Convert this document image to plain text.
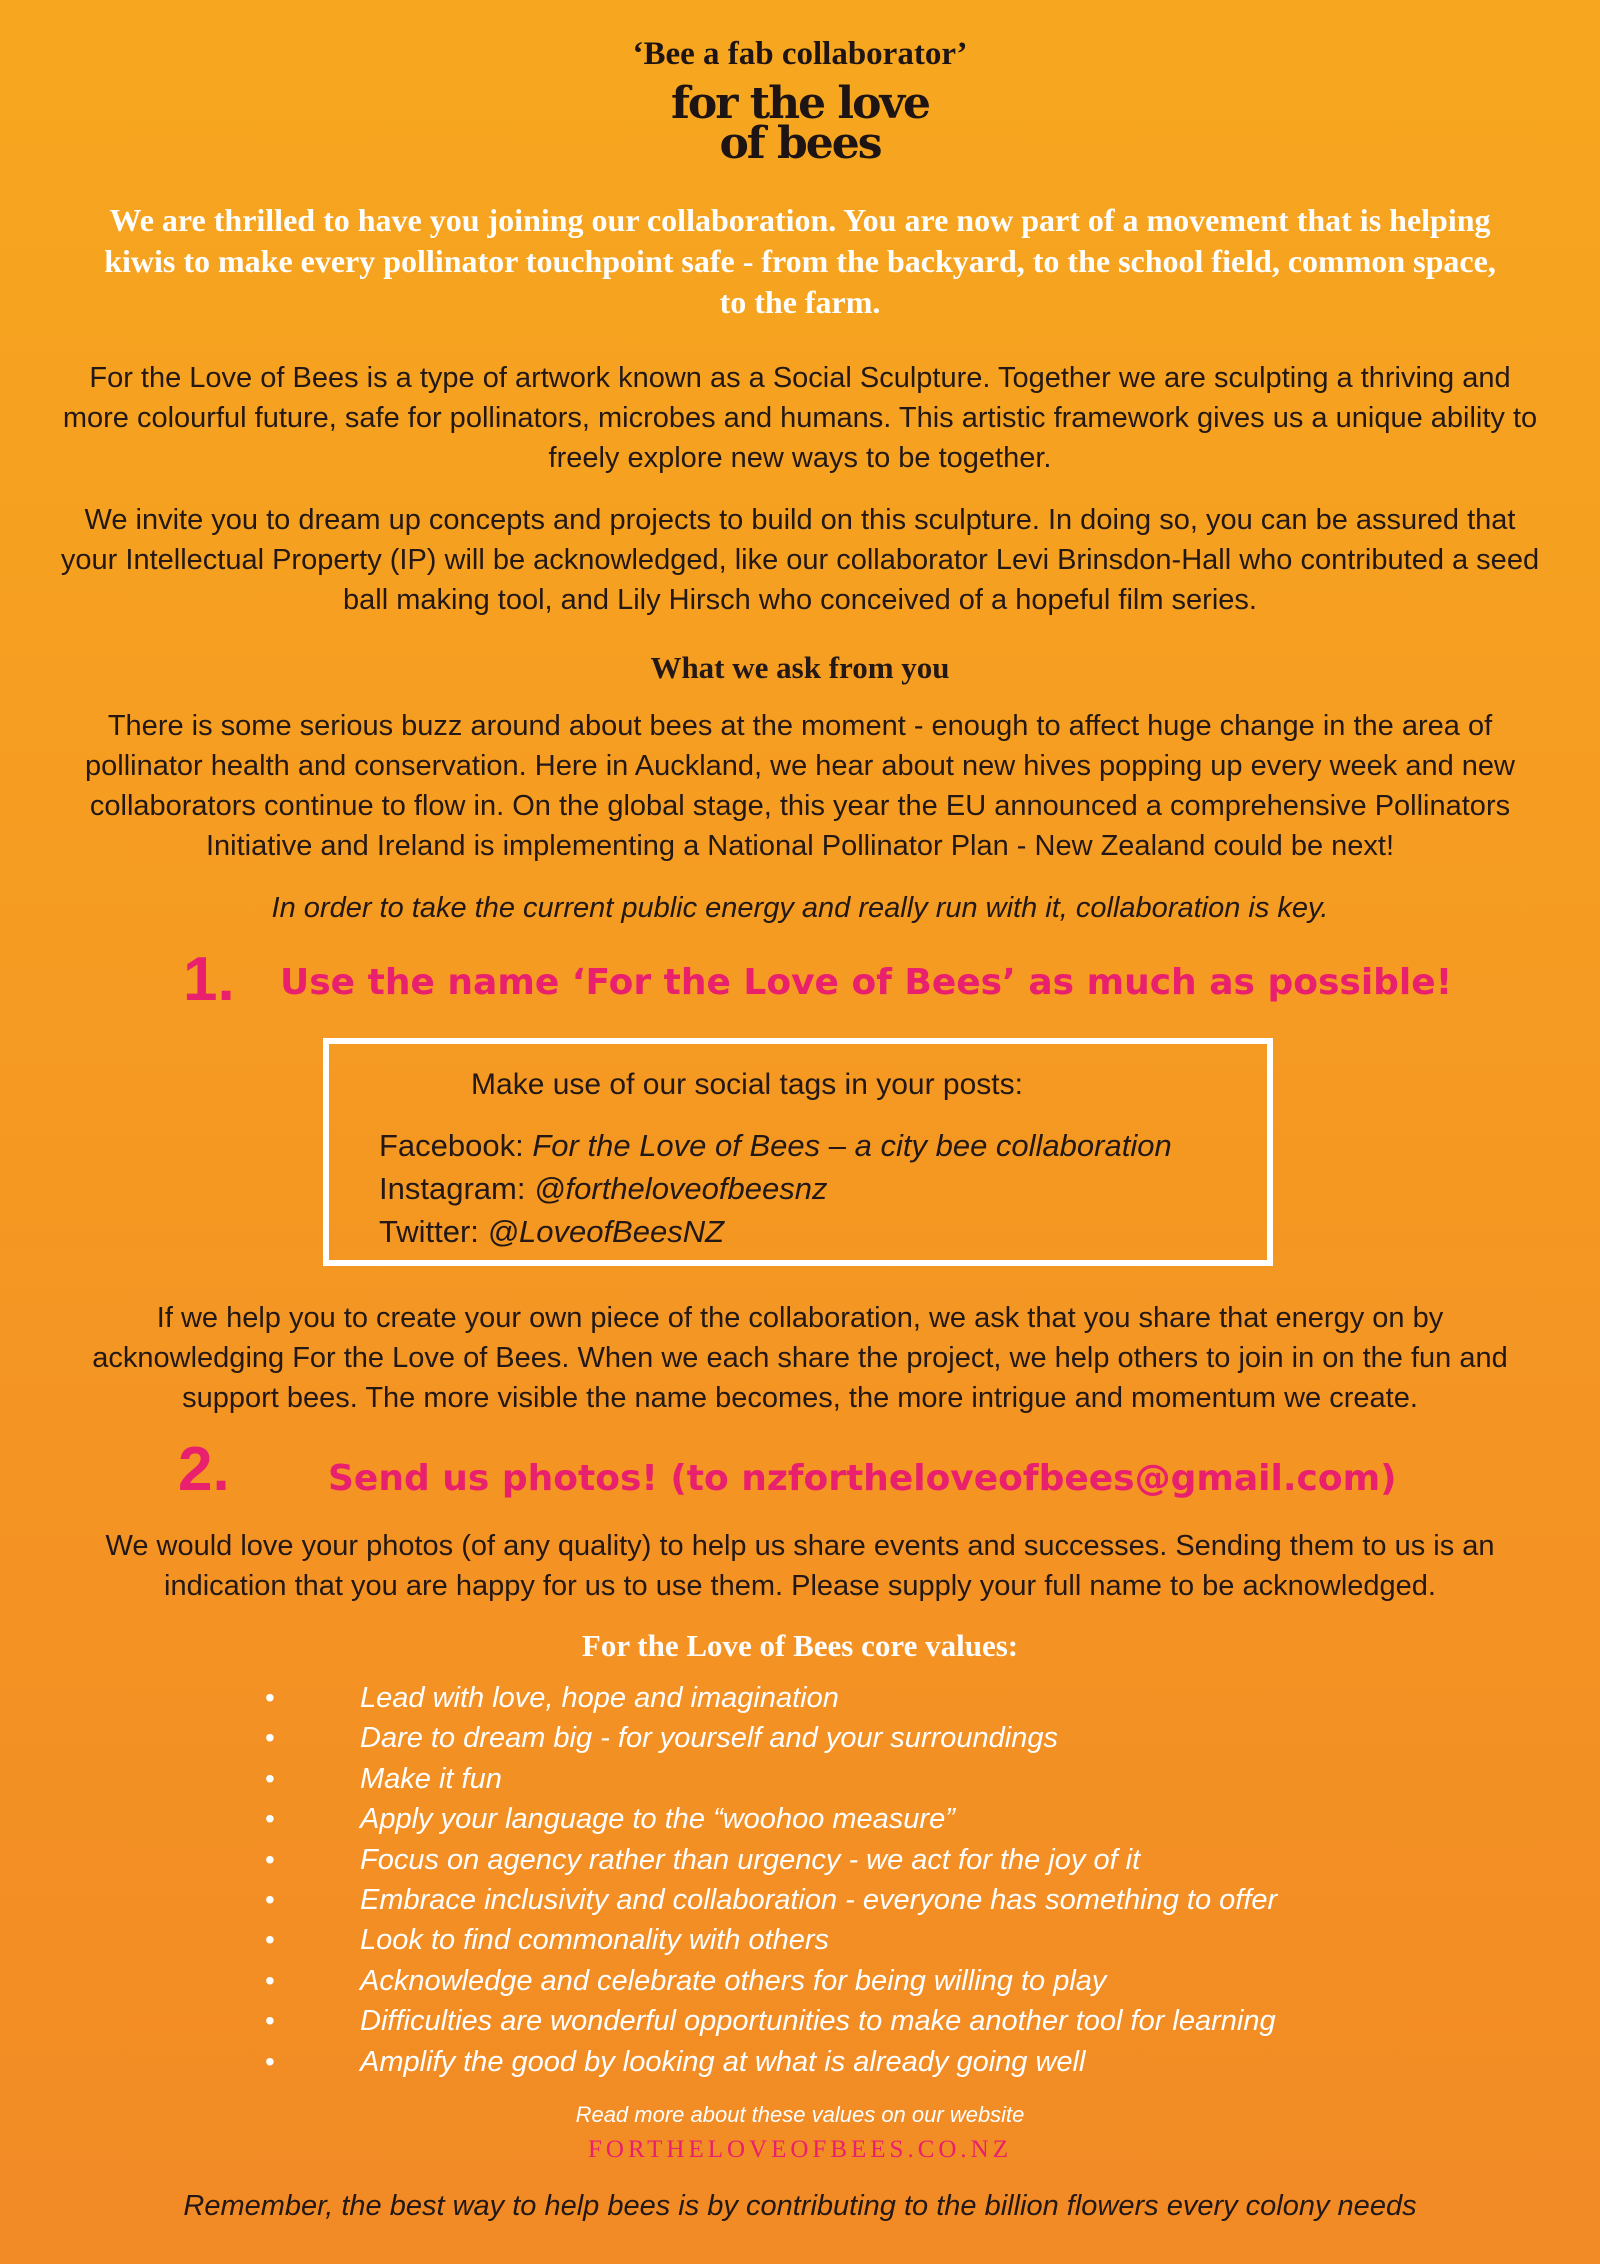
‘Bee a fab collaborator’
for the love
of bees
We are thrilled to have you joining our collaboration. You are now part of a movement that is helping kiwis to make every pollinator touchpoint safe - from the backyard, to the school field, common space, to the farm.
For the Love of Bees is a type of artwork known as a Social Sculpture. Together we are sculpting a thriving and more colourful future, safe for pollinators, microbes and humans. This artistic framework gives us a unique ability to freely explore new ways to be together.
We invite you to dream up concepts and projects to build on this sculpture. In doing so, you can be assured that your Intellectual Property (IP) will be acknowledged, like our collaborator Levi Brinsdon-Hall who contributed a seed ball making tool, and Lily Hirsch who conceived of a hopeful film series.
What we ask from you
There is some serious buzz around about bees at the moment - enough to affect huge change in the area of pollinator health and conservation. Here in Auckland, we hear about new hives popping up every week and new collaborators continue to flow in. On the global stage, this year the EU announced a comprehensive Pollinators Initiative and Ireland is implementing a National Pollinator Plan - New Zealand could be next!
In order to take the current public energy and really run with it, collaboration is key.
1. Use the name ‘For the Love of Bees’ as much as possible!
Make use of our social tags in your posts:
Facebook: For the Love of Bees – a city bee collaboration
Instagram: @fortheloveofbeesnz
Twitter: @LoveofBeesNZ
If we help you to create your own piece of the collaboration, we ask that you share that energy on by acknowledging For the Love of Bees. When we each share the project, we help others to join in on the fun and support bees. The more visible the name becomes, the more intrigue and momentum we create.
2.	Send us photos! (to nzfortheloveofbees@gmail.com)
We would love your photos (of any quality) to help us share events and successes. Sending them to us is an indication that you are happy for us to use them. Please supply your full name to be acknowledged.
For the Love of Bees core values:
•	Lead with love, hope and imagination
•	Dare to dream big - for yourself and your surroundings
•	Make it fun
•	Apply your language to the “woohoo measure”
•	Focus on agency rather than urgency - we act for the joy of it
•	Embrace inclusivity and collaboration - everyone has something to offer
•	Look to find commonality with others
•	Acknowledge and celebrate others for being willing to play
•	Difficulties are wonderful opportunities to make another tool for learning
•	Amplify the good by looking at what is already going well
Read more about these values on our website
FORTHELOVEOFBEES.CO.NZ
Remember, the best way to help bees is by contributing to the billion flowers every colony needs
